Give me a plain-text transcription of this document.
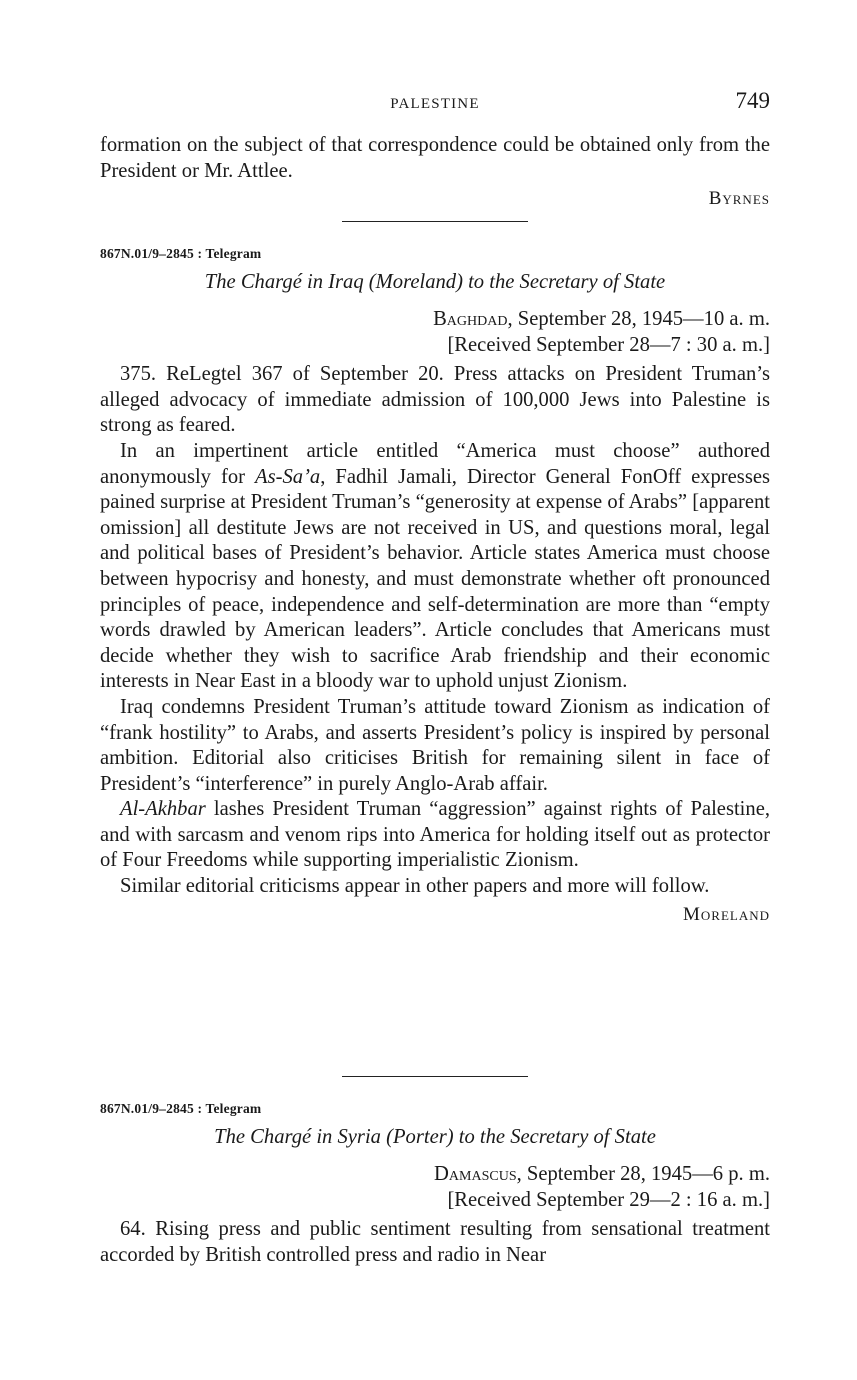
PALESTINE	749

formation on the subject of that correspondence could be obtained only from the President or Mr. Attlee.

Byrnes

867N.01/9–2845 : Telegram

The Chargé in Iraq (Moreland) to the Secretary of State

Baghdad, September 28, 1945—10 a. m.

[Received September 28—7 : 30 a. m.]

375. ReLegtel 367 of September 20. Press attacks on President Truman’s alleged advocacy of immediate admission of 100,000 Jews into Palestine is strong as feared.

In an impertinent article entitled “America must choose” authored anonymously for As-Sa’a, Fadhil Jamali, Director General FonOff expresses pained surprise at President Truman’s “generosity at expense of Arabs” [apparent omission] all destitute Jews are not received in US, and questions moral, legal and political bases of President’s behavior. Article states America must choose between hypocrisy and honesty, and must demonstrate whether oft pronounced principles of peace, independence and self-determination are more than “empty words drawled by American leaders”. Article concludes that Americans must decide whether they wish to sacrifice Arab friendship and their economic interests in Near East in a bloody war to uphold unjust Zionism.

Iraq condemns President Truman’s attitude toward Zionism as indication of “frank hostility” to Arabs, and asserts President’s policy is inspired by personal ambition. Editorial also criticises British for remaining silent in face of President’s “interference” in purely Anglo-Arab affair.

Al-Akhbar lashes President Truman “aggression” against rights of Palestine, and with sarcasm and venom rips into America for holding itself out as protector of Four Freedoms while supporting imperialistic Zionism.

Similar editorial criticisms appear in other papers and more will follow.

Moreland

867N.01/9–2845 : Telegram

The Chargé in Syria (Porter) to the Secretary of State

Damascus, September 28, 1945—6 p. m.

[Received September 29—2 : 16 a. m.]

64. Rising press and public sentiment resulting from sensational treatment accorded by British controlled press and radio in Near
